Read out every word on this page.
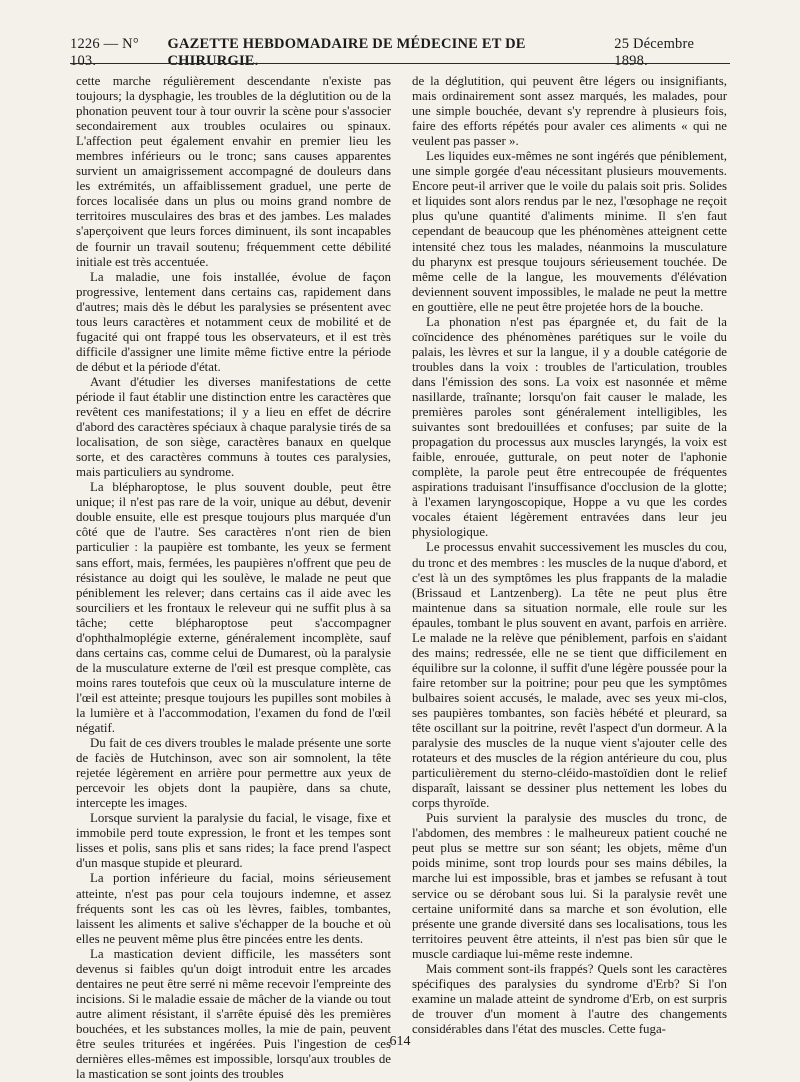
1226 — N° 103.
GAZETTE HEBDOMADAIRE DE MÉDECINE ET DE CHIRURGIE.
25 Décembre 1898.

cette marche régulièrement descendante n'existe pas toujours; la dysphagie, les troubles de la déglutition ou de la phonation peuvent tour à tour ouvrir la scène pour s'associer secondairement aux troubles oculaires ou spinaux. L'affection peut également envahir en premier lieu les membres inférieurs ou le tronc; sans causes apparentes survient un amaigrissement accompagné de douleurs dans les extrémités, un affaiblissement graduel, une perte de forces localisée dans un plus ou moins grand nombre de territoires musculaires des bras et des jambes. Les malades s'aperçoivent que leurs forces diminuent, ils sont incapables de fournir un travail soutenu; fréquemment cette débilité initiale est très accentuée.

La maladie, une fois installée, évolue de façon progressive, lentement dans certains cas, rapidement dans d'autres; mais dès le début les paralysies se présentent avec tous leurs caractères et notamment ceux de mobilité et de fugacité qui ont frappé tous les observateurs, et il est très difficile d'assigner une limite même fictive entre la période de début et la période d'état.

Avant d'étudier les diverses manifestations de cette période il faut établir une distinction entre les caractères que revêtent ces manifestations; il y a lieu en effet de décrire d'abord des caractères spéciaux à chaque paralysie tirés de sa localisation, de son siège, caractères banaux en quelque sorte, et des caractères communs à toutes ces paralysies, mais particuliers au syndrome.

La blépharoptose, le plus souvent double, peut être unique; il n'est pas rare de la voir, unique au début, devenir double ensuite, elle est presque toujours plus marquée d'un côté que de l'autre. Ses caractères n'ont rien de bien particulier : la paupière est tombante, les yeux se ferment sans effort, mais, fermées, les paupières n'offrent que peu de résistance au doigt qui les soulève, le malade ne peut que péniblement les relever; dans certains cas il aide avec les sourciliers et les frontaux le releveur qui ne suffit plus à sa tâche; cette blépharoptose peut s'accompagner d'ophthalmoplégie externe, généralement incomplète, sauf dans certains cas, comme celui de Dumarest, où la paralysie de la musculature externe de l'œil est presque complète, cas moins rares toutefois que ceux où la musculature interne de l'œil est atteinte; presque toujours les pupilles sont mobiles à la lumière et à l'accommodation, l'examen du fond de l'œil négatif.

Du fait de ces divers troubles le malade présente une sorte de faciès de Hutchinson, avec son air somnolent, la tête rejetée légèrement en arrière pour permettre aux yeux de percevoir les objets dont la paupière, dans sa chute, intercepte les images.

Lorsque survient la paralysie du facial, le visage, fixe et immobile perd toute expression, le front et les tempes sont lisses et polis, sans plis et sans rides; la face prend l'aspect d'un masque stupide et pleurard.

La portion inférieure du facial, moins sérieusement atteinte, n'est pas pour cela toujours indemne, et assez fréquents sont les cas où les lèvres, faibles, tombantes, laissent les aliments et salive s'échapper de la bouche et où elles ne peuvent même plus être pincées entre les dents.

La mastication devient difficile, les masséters sont devenus si faibles qu'un doigt introduit entre les arcades dentaires ne peut être serré ni même recevoir l'empreinte des incisions. Si le maladie essaie de mâcher de la viande ou tout autre aliment résistant, il s'arrête épuisé dès les premières bouchées, et les substances molles, la mie de pain, peuvent être seules triturées et ingérées. Puis l'ingestion de ces dernières elles-mêmes est impossible, lorsqu'aux troubles de la mastication se sont joints des troubles

de la déglutition, qui peuvent être légers ou insignifiants, mais ordinairement sont assez marqués, les malades, pour une simple bouchée, devant s'y reprendre à plusieurs fois, faire des efforts répétés pour avaler ces aliments « qui ne veulent pas passer ».

Les liquides eux-mêmes ne sont ingérés que péniblement, une simple gorgée d'eau nécessitant plusieurs mouvements. Encore peut-il arriver que le voile du palais soit pris. Solides et liquides sont alors rendus par le nez, l'œsophage ne reçoit plus qu'une quantité d'aliments minime. Il s'en faut cependant de beaucoup que les phénomènes atteignent cette intensité chez tous les malades, néanmoins la musculature du pharynx est presque toujours sérieusement touchée. De même celle de la langue, les mouvements d'élévation deviennent souvent impossibles, le malade ne peut la mettre en gouttière, elle ne peut être projetée hors de la bouche.

La phonation n'est pas épargnée et, du fait de la coïncidence des phénomènes parétiques sur le voile du palais, les lèvres et sur la langue, il y a double catégorie de troubles dans la voix : troubles de l'articulation, troubles dans l'émission des sons. La voix est nasonnée et même nasillarde, traînante; lorsqu'on fait causer le malade, les premières paroles sont généralement intelligibles, les suivantes sont bredouillées et confuses; par suite de la propagation du processus aux muscles laryngés, la voix est faible, enrouée, gutturale, on peut noter de l'aphonie complète, la parole peut être entrecoupée de fréquentes aspirations traduisant l'insuffisance d'occlusion de la glotte; à l'examen laryngoscopique, Hoppe a vu que les cordes vocales étaient légèrement entravées dans leur jeu physiologique.

Le processus envahit successivement les muscles du cou, du tronc et des membres : les muscles de la nuque d'abord, et c'est là un des symptômes les plus frappants de la maladie (Brissaud et Lantzenberg). La tête ne peut plus être maintenue dans sa situation normale, elle roule sur les épaules, tombant le plus souvent en avant, parfois en arrière. Le malade ne la relève que péniblement, parfois en s'aidant des mains; redressée, elle ne se tient que difficilement en équilibre sur la colonne, il suffit d'une légère poussée pour la faire retomber sur la poitrine; pour peu que les symptômes bulbaires soient accusés, le malade, avec ses yeux mi-clos, ses paupières tombantes, son faciès hébété et pleurard, sa tête oscillant sur la poitrine, revêt l'aspect d'un dormeur. A la paralysie des muscles de la nuque vient s'ajouter celle des rotateurs et des muscles de la région antérieure du cou, plus particulièrement du sterno-cléido-mastoïdien dont le relief disparaît, laissant se dessiner plus nettement les lobes du corps thyroïde.

Puis survient la paralysie des muscles du tronc, de l'abdomen, des membres : le malheureux patient couché ne peut plus se mettre sur son séant; les objets, même d'un poids minime, sont trop lourds pour ses mains débiles, la marche lui est impossible, bras et jambes se refusant à tout service ou se dérobant sous lui. Si la paralysie revêt une certaine uniformité dans sa marche et son évolution, elle présente une grande diversité dans ses localisations, tous les territoires peuvent être atteints, il n'est pas bien sûr que le muscle cardiaque lui-même reste indemne.

Mais comment sont-ils frappés? Quels sont les caractères spécifiques des paralysies du syndrome d'Erb? Si l'on examine un malade atteint de syndrome d'Erb, on est surpris de trouver d'un moment à l'autre des changements considérables dans l'état des muscles. Cette fuga-

614
